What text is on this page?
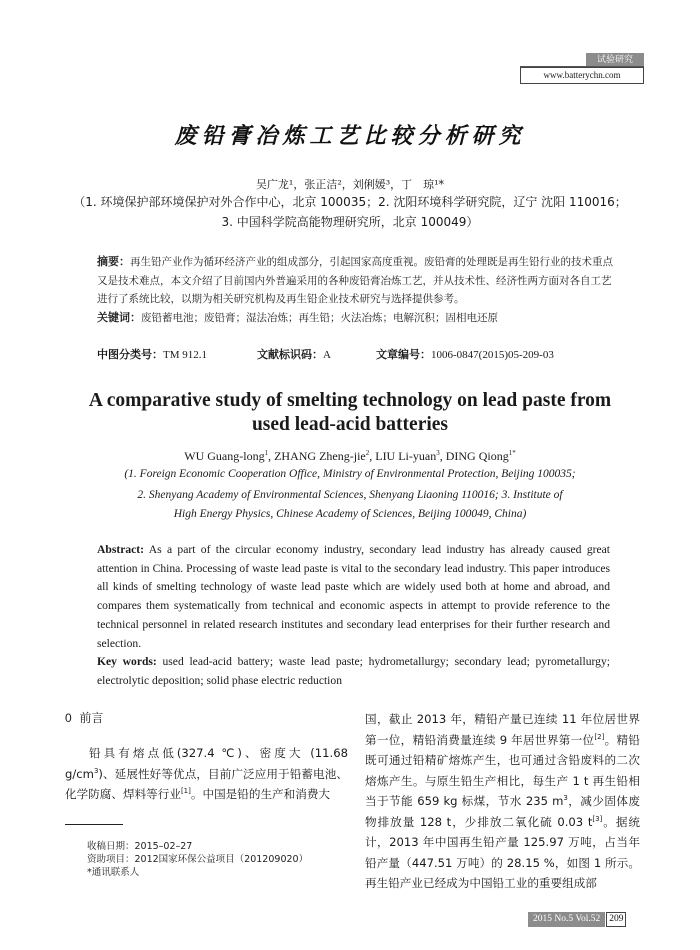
试验研究
www.batterychn.com
废铅膏冶炼工艺比较分析研究
吴广龙¹，张正洁²，刘俐媛³，丁　琼¹*
（1. 环境保护部环境保护对外合作中心，北京 100035；2. 沈阳环境科学研究院，辽宁 沈阳 110016；
3. 中国科学院高能物理研究所，北京 100049）
摘要：再生铅产业作为循环经济产业的组成部分，引起国家高度重视。废铅膏的处理既是再生铅行业的技术重点又是技术难点，本文介绍了目前国内外普遍采用的各种废铅膏冶炼工艺，并从技术性、经济性两方面对各自工艺进行了系统比较，以期为相关研究机构及再生铅企业技术研究与选择提供参考。
关键词：废铅蓄电池；废铅膏；湿法冶炼；再生铅；火法冶炼；电解沉积；固相电还原
中图分类号：TM 912.1	文献标识码：A	文章编号：1006-0847(2015)05-209-03
A comparative study of smelting technology on lead paste from used lead-acid batteries
WU Guang-long$^1$, ZHANG Zheng-jie$^2$, LIU Li-yuan$^3$, DING Qiong$^{1*}$
(1. Foreign Economic Cooperation Office, Ministry of Environmental Protection, Beijing 100035;
2. Shenyang Academy of Environmental Sciences, Shenyang Liaoning 110016; 3. Institute of
High Energy Physics, Chinese Academy of Sciences, Beijing 100049, China)
Abstract: As a part of the circular economy industry, secondary lead industry has already caused great attention in China. Processing of waste lead paste is vital to the secondary lead industry. This paper introduces all kinds of smelting technology of waste lead paste which are widely used both at home and abroad, and compares them systematically from technical and economic aspects in attempt to provide reference to the technical personnel in related research institutes and secondary lead enterprises for their further research and selection.
Key words: used lead-acid battery; waste lead paste; hydrometallurgy; secondary lead; pyrometallurgy; electrolytic deposition; solid phase electric reduction
0 前言
铅具有熔点低(327.4 ℃)、密度大 (11.68 $g/cm^3$)、延展性好等优点，目前广泛应用于铅蓄电池、化学防腐、焊料等行业[1]。中国是铅的生产和消费大
收稿日期：2015–02–27
资助项目：2012国家环保公益项目（201209020）
*通讯联系人
国，截止 2013 年，精铅产量已连续 11 年位居世界第一位，精铅消费量连续 9 年居世界第一位[2]。精铅既可通过铅精矿熔炼产生，也可通过含铅废料的二次熔炼产生。与原生铅生产相比，每生产 1 t 再生铅相当于节能 659 kg 标煤，节水 235 $m^3$，减少固体废物排放量 128 t，少排放二氧化硫 0.03 t[3]。据统计，2013 年中国再生铅产量 125.97 万吨，占当年铅产量（447.51 万吨）的 28.15 %，如图 1 所示。再生铅产业已经成为中国铅工业的重要组成部
2015 No.5 Vol.52 209
